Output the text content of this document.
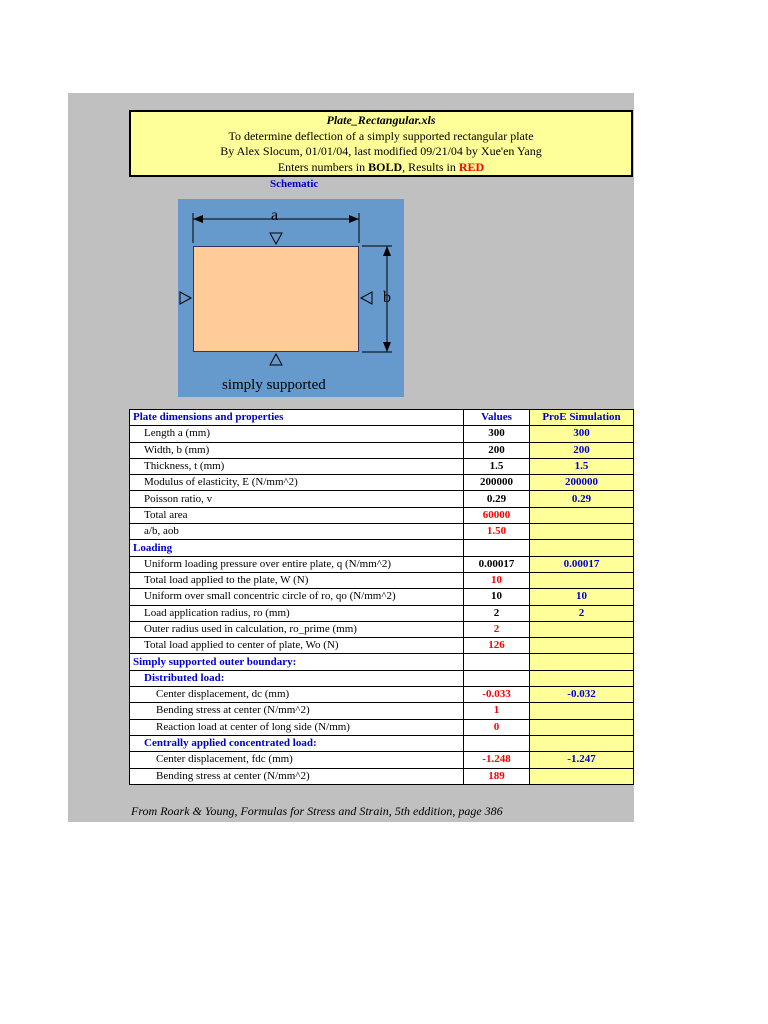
Plate_Rectangular.xls
To determine deflection of a simply supported rectangular plate
By Alex Slocum, 01/01/04, last modified 09/21/04 by Xue'en Yang
Enters numbers in BOLD, Results in RED
Schematic
a
b
simply supported
Plate dimensions and properties	Values	ProE Simulation
Length a (mm)	300	300
Width, b (mm)	200	200
Thickness, t (mm)	1.5	1.5
Modulus of elasticity, E (N/mm^2)	200000	200000
Poisson ratio, v	0.29	0.29
Total area	60000	
a/b, aob	1.50	
Loading		
Uniform loading pressure over entire plate, q (N/mm^2)	0.00017	0.00017
Total load applied to the plate, W (N)	10	
Uniform over small concentric circle of ro, qo (N/mm^2)	10	10
Load application radius, ro (mm)	2	2
Outer radius used in calculation, ro_prime (mm)	2	
Total load applied to center of plate, Wo (N)	126	
Simply supported outer boundary:		
Distributed load:		
Center displacement, dc (mm)	-0.033	-0.032
Bending stress at center (N/mm^2)	1	
Reaction load at center of long side (N/mm)	0	
Centrally applied concentrated load:		
Center displacement, fdc (mm)	-1.248	-1.247
Bending stress at center (N/mm^2)	189	
From Roark & Young, Formulas for Stress and Strain, 5th eddition, page 386
